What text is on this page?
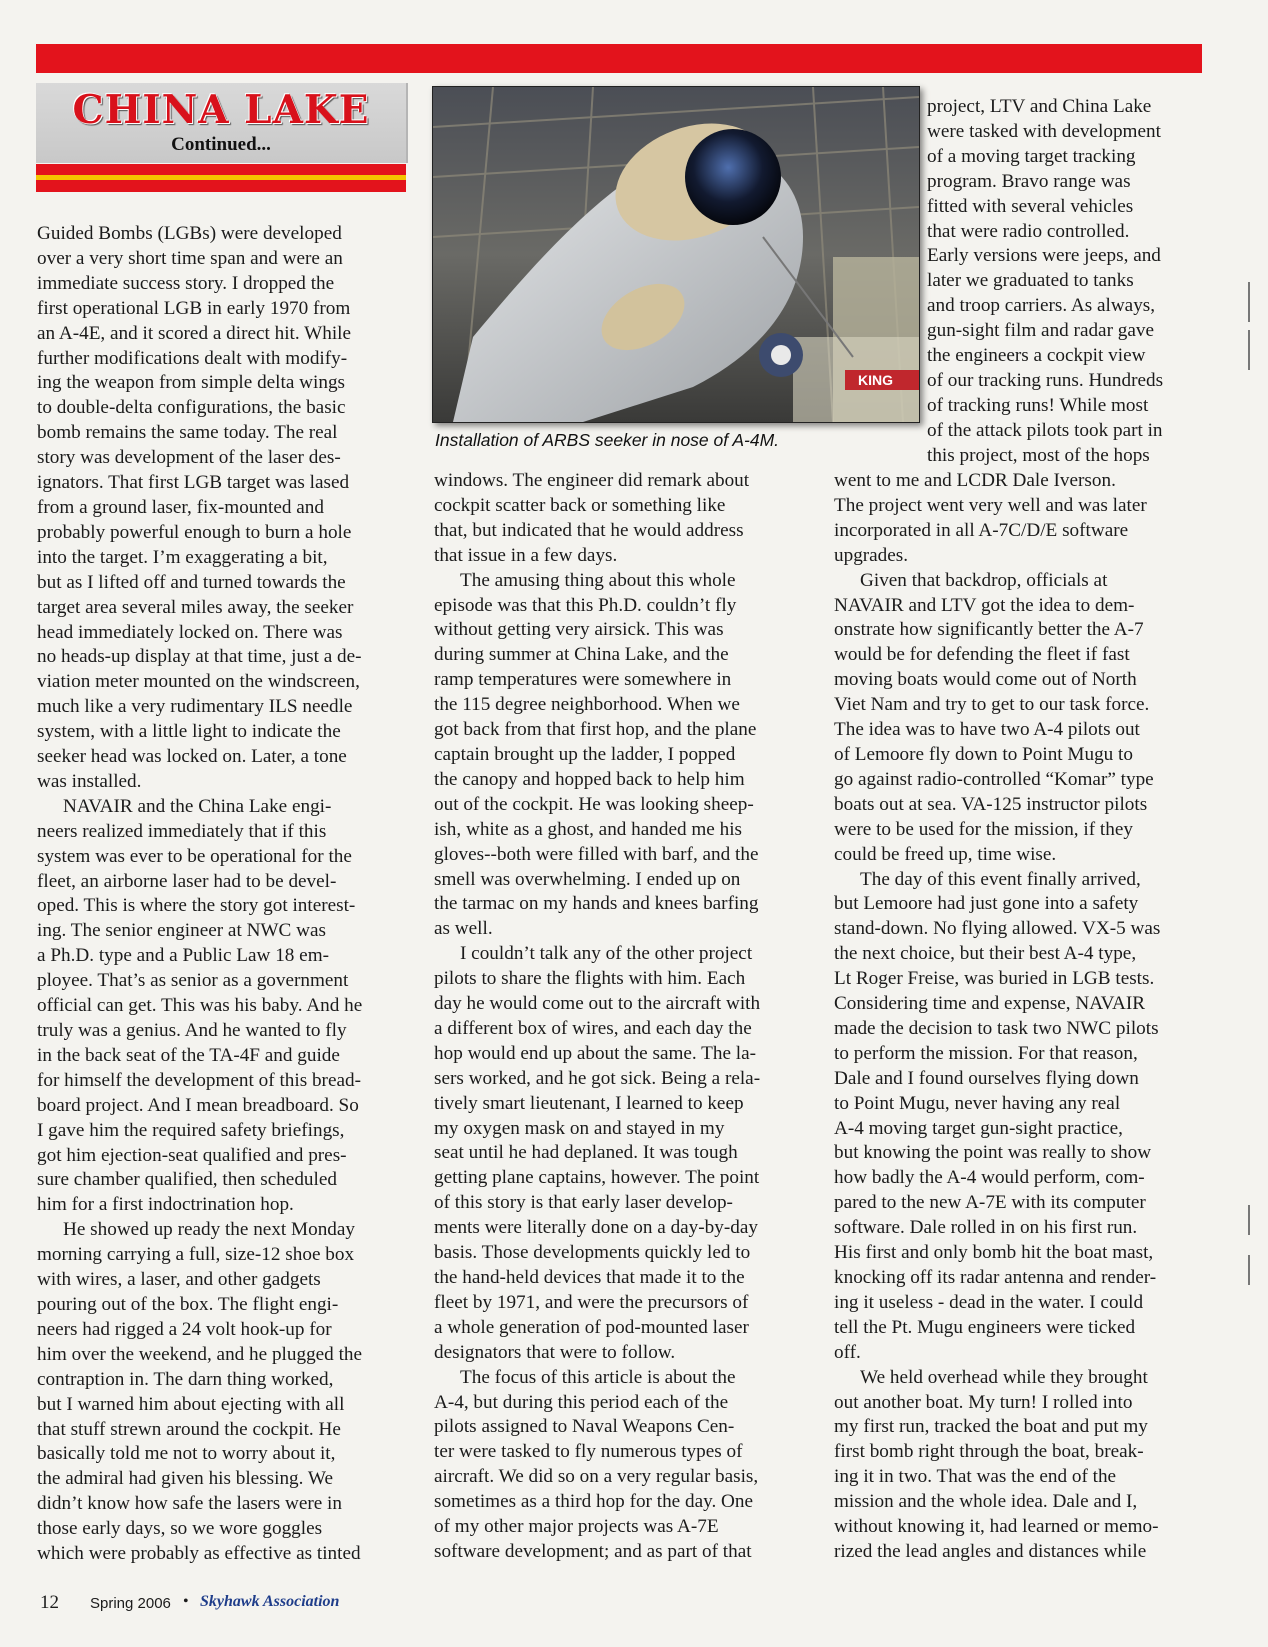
CHINA LAKE
Continued...
KING
Installation of ARBS seeker in nose of A-4M.

Guided Bombs (LGBs) were developed

over a very short time span and were an

immediate success story. I dropped the

first operational LGB in early 1970 from

an A-4E, and it scored a direct hit. While

further modifications dealt with modify-

ing the weapon from simple delta wings

to double-delta configurations, the basic

bomb remains the same today. The real

story was development of the laser des-

ignators. That first LGB target was lased

from a ground laser, fix-mounted and

probably powerful enough to burn a hole

into the target. I’m exaggerating a bit,

but as I lifted off and turned towards the

target area several miles away, the seeker

head immediately locked on. There was

no heads-up display at that time, just a de-

viation meter mounted on the windscreen,

much like a very rudimentary ILS needle

system, with a little light to indicate the

seeker head was locked on. Later, a tone

was installed.

NAVAIR and the China Lake engi-

neers realized immediately that if this

system was ever to be operational for the

fleet, an airborne laser had to be devel-

oped. This is where the story got interest-

ing. The senior engineer at NWC was

a Ph.D. type and a Public Law 18 em-

ployee. That’s as senior as a government

official can get. This was his baby. And he

truly was a genius. And he wanted to fly

in the back seat of the TA-4F and guide

for himself the development of this bread-

board project. And I mean breadboard. So

I gave him the required safety briefings,

got him ejection-seat qualified and pres-

sure chamber qualified, then scheduled

him for a first indoctrination hop.

He showed up ready the next Monday

morning carrying a full, size-12 shoe box

with wires, a laser, and other gadgets

pouring out of the box. The flight engi-

neers had rigged a 24 volt hook-up for

him over the weekend, and he plugged the

contraption in. The darn thing worked,

but I warned him about ejecting with all

that stuff strewn around the cockpit. He

basically told me not to worry about it,

the admiral had given his blessing. We

didn’t know how safe the lasers were in

those early days, so we wore goggles

which were probably as effective as tinted

windows. The engineer did remark about

cockpit scatter back or something like

that, but indicated that he would address

that issue in a few days.

The amusing thing about this whole

episode was that this Ph.D. couldn’t fly

without getting very airsick. This was

during summer at China Lake, and the

ramp temperatures were somewhere in

the 115 degree neighborhood. When we

got back from that first hop, and the plane

captain brought up the ladder, I popped

the canopy and hopped back to help him

out of the cockpit. He was looking sheep-

ish, white as a ghost, and handed me his

gloves--both were filled with barf, and the

smell was overwhelming. I ended up on

the tarmac on my hands and knees barfing

as well.

I couldn’t talk any of the other project

pilots to share the flights with him. Each

day he would come out to the aircraft with

a different box of wires, and each day the

hop would end up about the same. The la-

sers worked, and he got sick. Being a rela-

tively smart lieutenant, I learned to keep

my oxygen mask on and stayed in my

seat until he had deplaned. It was tough

getting plane captains, however. The point

of this story is that early laser develop-

ments were literally done on a day-by-day

basis. Those developments quickly led to

the hand-held devices that made it to the

fleet by 1971, and were the precursors of

a whole generation of pod-mounted laser

designators that were to follow.

The focus of this article is about the

A-4, but during this period each of the

pilots assigned to Naval Weapons Cen-

ter were tasked to fly numerous types of

aircraft. We did so on a very regular basis,

sometimes as a third hop for the day. One

of my other major projects was A-7E

software development; and as part of that

project, LTV and China Lake

were tasked with development

of a moving target tracking

program. Bravo range was

fitted with several vehicles

that were radio controlled.

Early versions were jeeps, and

later we graduated to tanks

and troop carriers. As always,

gun-sight film and radar gave

the engineers a cockpit view

of our tracking runs. Hundreds

of tracking runs! While most

of the attack pilots took part in

this project, most of the hops

went to me and LCDR Dale Iverson.

The project went very well and was later

incorporated in all A-7C/D/E software

upgrades.

Given that backdrop, officials at

NAVAIR and LTV got the idea to dem-

onstrate how significantly better the A-7

would be for defending the fleet if fast

moving boats would come out of North

Viet Nam and try to get to our task force.

The idea was to have two A-4 pilots out

of Lemoore fly down to Point Mugu to

go against radio-controlled “Komar” type

boats out at sea. VA-125 instructor pilots

were to be used for the mission, if they

could be freed up, time wise.

The day of this event finally arrived,

but Lemoore had just gone into a safety

stand-down. No flying allowed. VX-5 was

the next choice, but their best A-4 type,

Lt Roger Freise, was buried in LGB tests.

Considering time and expense, NAVAIR

made the decision to task two NWC pilots

to perform the mission. For that reason,

Dale and I found ourselves flying down

to Point Mugu, never having any real

A-4 moving target gun-sight practice,

but knowing the point was really to show

how badly the A-4 would perform, com-

pared to the new A-7E with its computer

software. Dale rolled in on his first run.

His first and only bomb hit the boat mast,

knocking off its radar antenna and render-

ing it useless - dead in the water. I could

tell the Pt. Mugu engineers were ticked

off.

We held overhead while they brought

out another boat. My turn! I rolled into

my first run, tracked the boat and put my

first bomb right through the boat, break-

ing it in two. That was the end of the

mission and the whole idea. Dale and I,

without knowing it, had learned or memo-

rized the lead angles and distances while

12 Spring 2006 • Skyhawk Association
